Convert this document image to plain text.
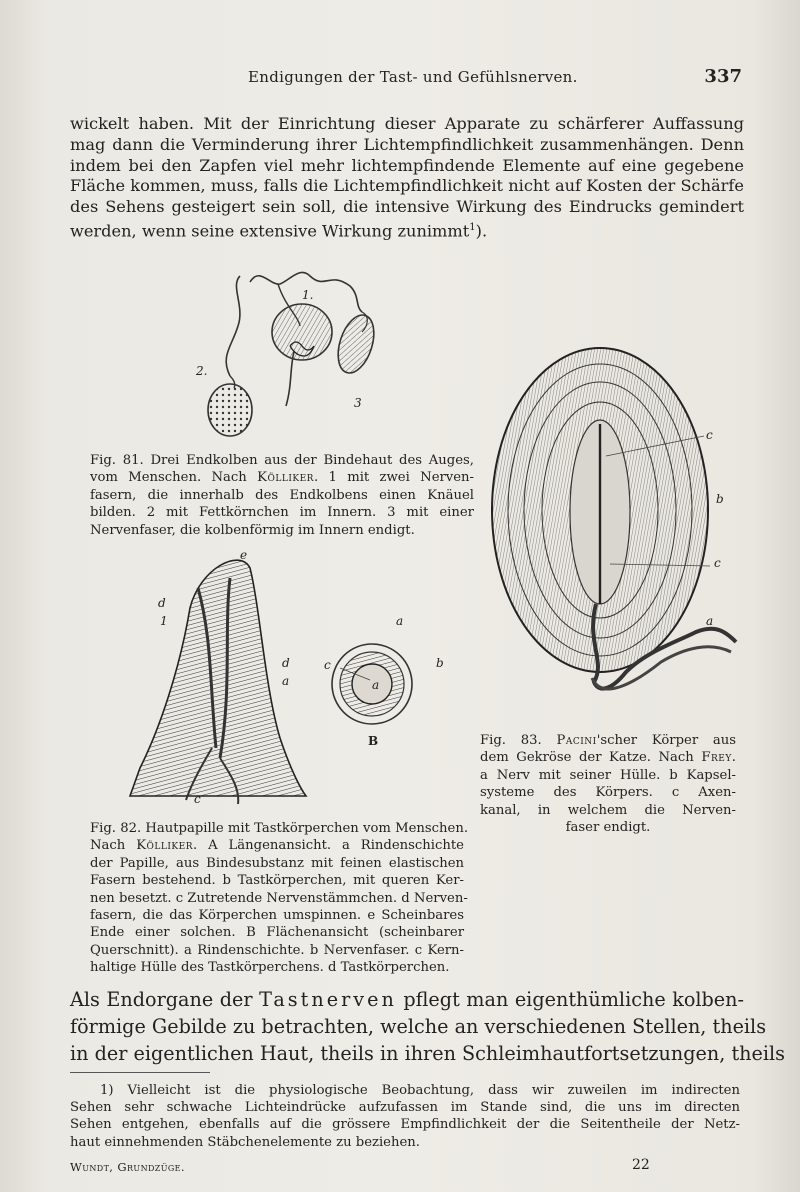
Endigungen der Tast- und Gefühlsnerven.	337

wickelt haben. Mit der Einrichtung dieser Apparate zu schärferer Auffassung
mag dann die Verminderung ihrer Lichtempfindlichkeit zusammenhängen. Denn
indem bei den Zapfen viel mehr lichtempfindende Elemente auf eine gegebene
Fläche kommen, muss, falls die Lichtempfindlichkeit nicht auf Kosten der Schärfe
des Sehens gesteigert sein soll, die intensive Wirkung des Eindrucks gemindert
werden, wenn seine extensive Wirkung zunimmt$^1$).

1.
2.
3

Fig. 81. Drei Endkolben aus der Bindehaut des Auges,
vom Menschen. Nach Kölliker. 1 mit zwei Nerven-
fasern, die innerhalb des Endkolbens einen Knäuel
bilden. 2 mit Fettkörnchen im Innern. 3 mit einer
Nervenfaser, die kolbenförmig im Innern endigt.

c
b
c
a

Fig. 83. Pacini'scher Körper aus
dem Gekröse der Katze. Nach Frey.
a Nerv mit seiner Hülle. b Kapsel-
systeme des Körpers. c Axen-
kanal, in welchem die Nerven-
faser endigt.

e
d
1	a
d
a
c
c
a
b
B

Fig. 82. Hautpapille mit Tastkörperchen vom Menschen.
Nach Kölliker. A Längenansicht. a Rindenschichte
der Papille, aus Bindesubstanz mit feinen elastischen
Fasern bestehend. b Tastkörperchen, mit queren Ker-
nen besetzt. c Zutretende Nervenstämmchen. d Nerven-
fasern, die das Körperchen umspinnen. e Scheinbares
Ende einer solchen. B Flächenansicht (scheinbarer
Querschnitt). a Rindenschichte. b Nervenfaser. c Kern-
haltige Hülle des Tastkörperchens. d Tastkörperchen.

Als Endorgane der Tastnerven pflegt man eigenthümliche kolben-
förmige Gebilde zu betrachten, welche an verschiedenen Stellen, theils
in der eigentlichen Haut, theils in ihren Schleimhautfortsetzungen, theils

1) Vielleicht ist die physiologische Beobachtung, dass wir zuweilen im indirecten
Sehen sehr schwache Lichteindrücke aufzufassen im Stande sind, die uns im directen
Sehen entgehen, ebenfalls auf die grössere Empfindlichkeit der die Seitentheile der Netz-
haut einnehmenden Stäbchenelemente zu beziehen.

Wundt, Grundzüge.	22
